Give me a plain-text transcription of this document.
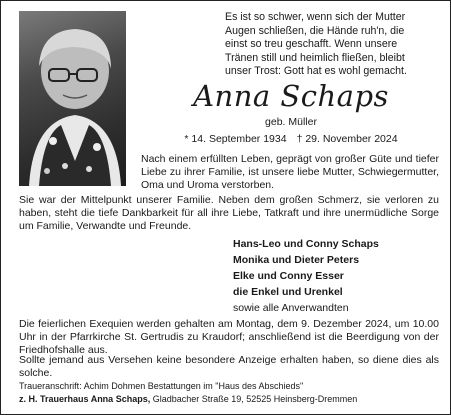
Es ist so schwer, wenn sich der Mutter
Augen schließen, die Hände ruh'n, die
einst so treu geschafft. Wenn unsere
Tränen still und heimlich fließen, bleibt
unser Trost: Gott hat es wohl gemacht.
Anna Schaps
geb. Müller
* 14. September 1934 † 29. November 2024
Nach einem erfüllten Leben, geprägt von großer Güte und tiefer Liebe zu ihrer Familie, ist unsere liebe Mutter, Schwiegermutter, Oma und Uroma verstorben.
Sie war der Mittelpunkt unserer Familie. Neben dem großen Schmerz, sie verloren zu haben, steht die tiefe Dankbarkeit für all ihre Liebe, Tatkraft und ihre unermüdliche Sorge um Familie, Verwandte und Freunde.
Hans-Leo und Conny Schaps
Monika und Dieter Peters
Elke und Conny Esser
die Enkel und Urenkel
sowie alle Anverwandten
Die feierlichen Exequien werden gehalten am Montag, dem 9. Dezember 2024, um 10.00 Uhr in der Pfarrkirche St. Gertrudis zu Kraudorf; anschließend ist die Beerdigung von der Friedhofshalle aus.
Sollte jemand aus Versehen keine besondere Anzeige erhalten haben, so diene dies als solche.
Traueranschrift: Achim Dohmen Bestattungen im "Haus des Abschieds"
z. H. Trauerhaus Anna Schaps, Gladbacher Straße 19, 52525 Heinsberg-Dremmen
